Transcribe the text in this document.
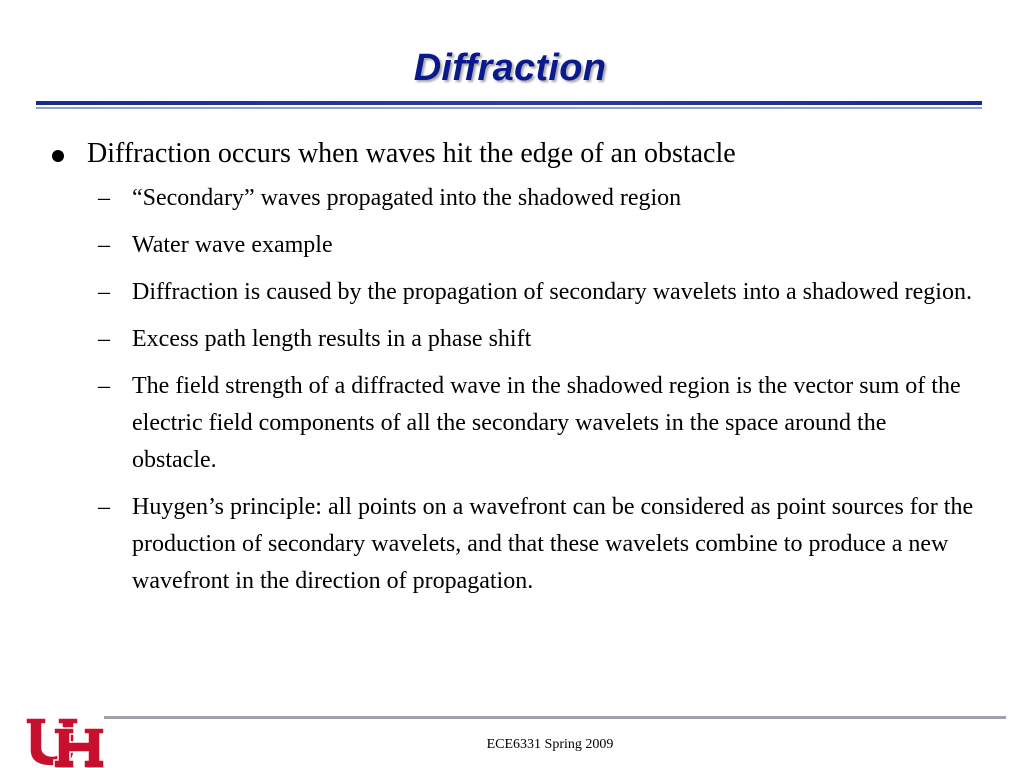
Diffraction
Diffraction occurs when waves hit the edge of an obstacle
– “Secondary” waves propagated into the shadowed region
– Water wave example
– Diffraction is caused by the propagation of secondary wavelets into a shadowed region.
– Excess path length results in a phase shift
– The field strength of a diffracted wave in the shadowed region is the vector sum of the electric field components of all the secondary wavelets in the space around the obstacle.
– Huygen’s principle: all points on a wavefront can be considered as point sources for the production of secondary wavelets, and that these wavelets combine to produce a new wavefront in the direction of propagation.
ECE6331 Spring 2009
